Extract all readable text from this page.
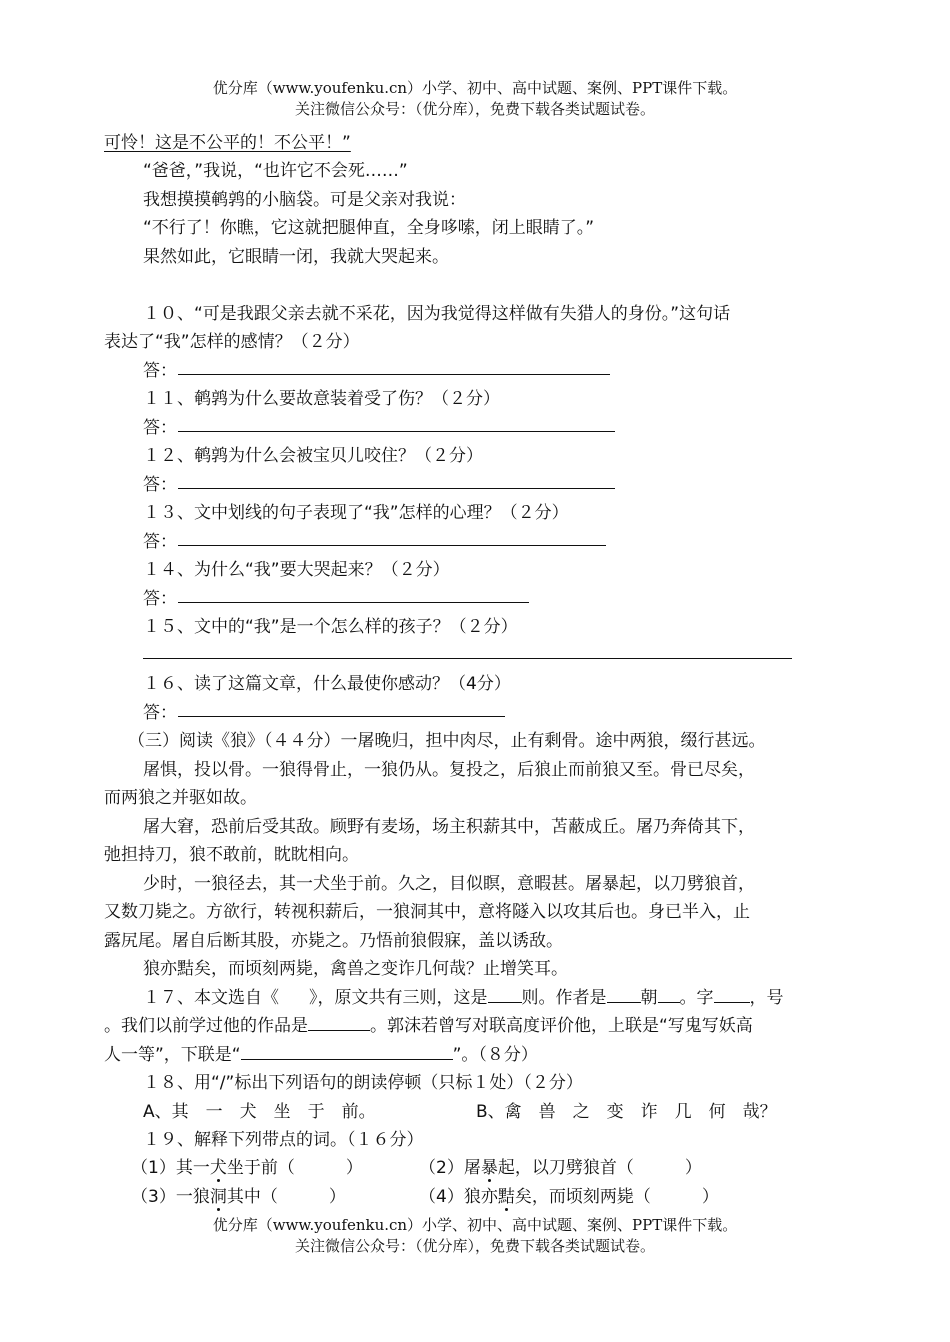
优分库（www.youfenku.cn）小学、初中、高中试题、案例、PPT课件下载。
关注微信公众号：（优分库），免费下载各类试题试卷。
可怜！这是不公平的！不公平！”
“爸爸，”我说，“也许它不会死……”
我想摸摸鹌鹑的小脑袋。可是父亲对我说：
“不行了！你瞧，它这就把腿伸直，全身哆嗦，闭上眼睛了。”
果然如此，它眼睛一闭，我就大哭起来。
１０、“可是我跟父亲去就不采花，因为我觉得这样做有失猎人的身份。”这句话
表达了“我”怎样的感情？（２分）
答：
１１、鹌鹑为什么要故意装着受了伤？（２分）
答：
１２、鹌鹑为什么会被宝贝儿咬住？（２分）
答：
１３、文中划线的句子表现了“我”怎样的心理？（２分）
答：
１４、为什么“我”要大哭起来？（２分）
答：
１５、文中的“我”是一个怎么样的孩子？（２分）
１６、读了这篇文章，什么最使你感动？（4分）
答：
（三）阅读《狼》（４４分）一屠晚归，担中肉尽，止有剩骨。途中两狼，缀行甚远。
屠惧，投以骨。一狼得骨止，一狼仍从。复投之，后狼止而前狼又至。骨已尽矣，
而两狼之并驱如故。
屠大窘，恐前后受其敌。顾野有麦场，场主积薪其中，苫蔽成丘。屠乃奔倚其下，
弛担持刀，狼不敢前，眈眈相向。
少时，一狼径去，其一犬坐于前。久之，目似瞑，意暇甚。屠暴起，以刀劈狼首，
又数刀毙之。方欲行，转视积薪后，一狼洞其中，意将隧入以攻其后也。身已半入，止
露尻尾。屠自后断其股，亦毙之。乃悟前狼假寐，盖以诱敌。
狼亦黠矣，而顷刻两毙，禽兽之变诈几何哉？止增笑耳。
１７、本文选自《 》，原文共有三则，这是 则。作者是 朝 。字 ，号
。我们以前学过他的作品是	。郭沫若曾写对联高度评价他，上联是“写鬼写妖高
人一等”，下联是“	”。（８分）
１８、用“/”标出下列语句的朗读停顿（只标１处）（２分）
A、其　一　犬　坐　于　前。	B、禽　兽　之　变　诈　几　何　哉？
１９、解释下列带点的词。（１６分）
（1）其一犬坐于前（　　　）	（2）屠暴起，以刀劈狼首（　　　）
（3）一狼洞其中（　　　）	（4）狼亦黠矣，而顷刻两毙（　　　）
优分库（www.youfenku.cn）小学、初中、高中试题、案例、PPT课件下载。
关注微信公众号：（优分库），免费下载各类试题试卷。
